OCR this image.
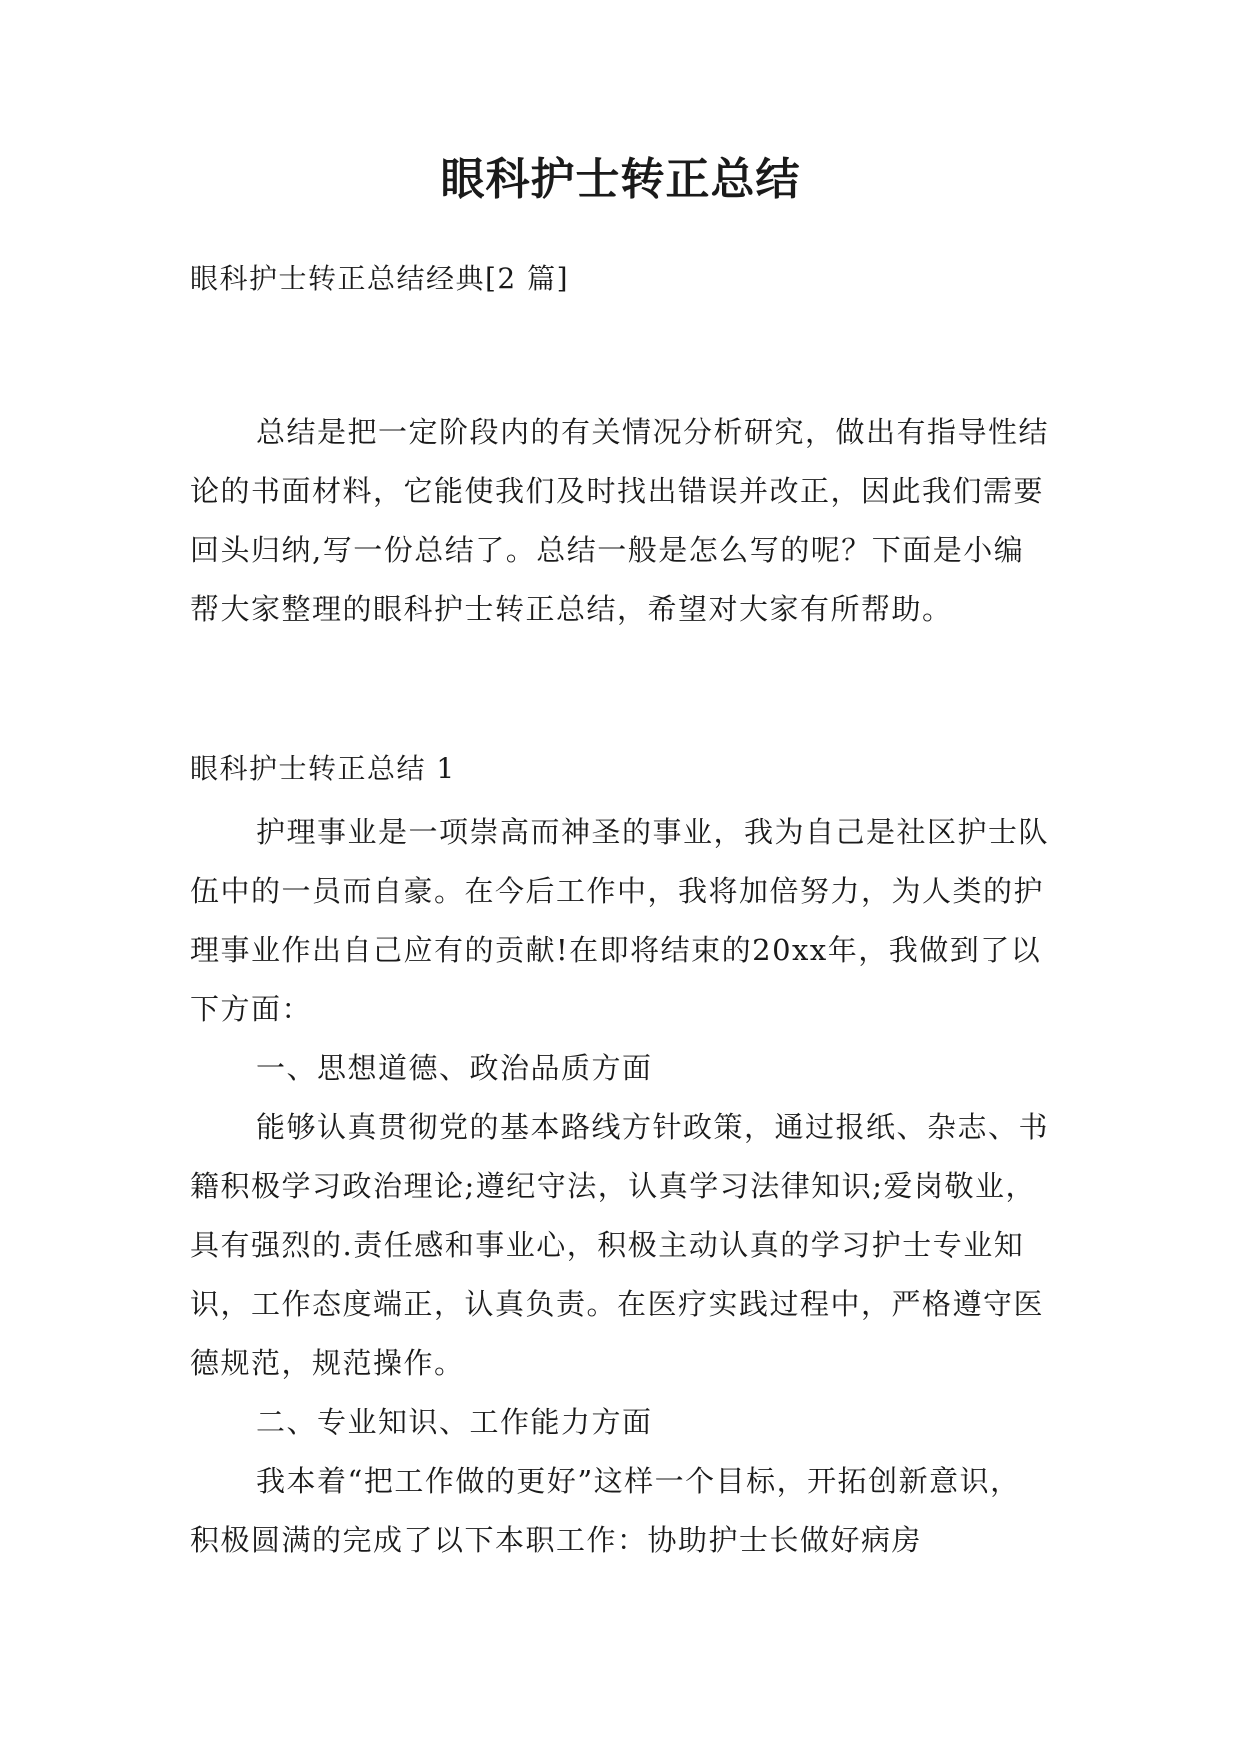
眼科护士转正总结
眼科护士转正总结经典[2 篇]
总结是把一定阶段内的有关情况分析研究，做出有指导性结论的书面材料，它能使我们及时找出错误并改正，因此我们需要回头归纳,写一份总结了。总结一般是怎么写的呢？下面是小编帮大家整理的眼科护士转正总结，希望对大家有所帮助。
眼科护士转正总结 1

护理事业是一项崇高而神圣的事业，我为自己是社区护士队伍中的一员而自豪。在今后工作中，我将加倍努力，为人类的护理事业作出自己应有的贡献!在即将结束的20xx年，我做到了以下方面：

一、思想道德、政治品质方面

能够认真贯彻党的基本路线方针政策，通过报纸、杂志、书籍积极学习政治理论;遵纪守法，认真学习法律知识;爱岗敬业，具有强烈的.责任感和事业心，积极主动认真的学习护士专业知识，工作态度端正，认真负责。在医疗实践过程中，严格遵守医德规范，规范操作。

二、专业知识、工作能力方面

我本着“把工作做的更好”这样一个目标，开拓创新意识，积极圆满的完成了以下本职工作：协助护士长做好病房
